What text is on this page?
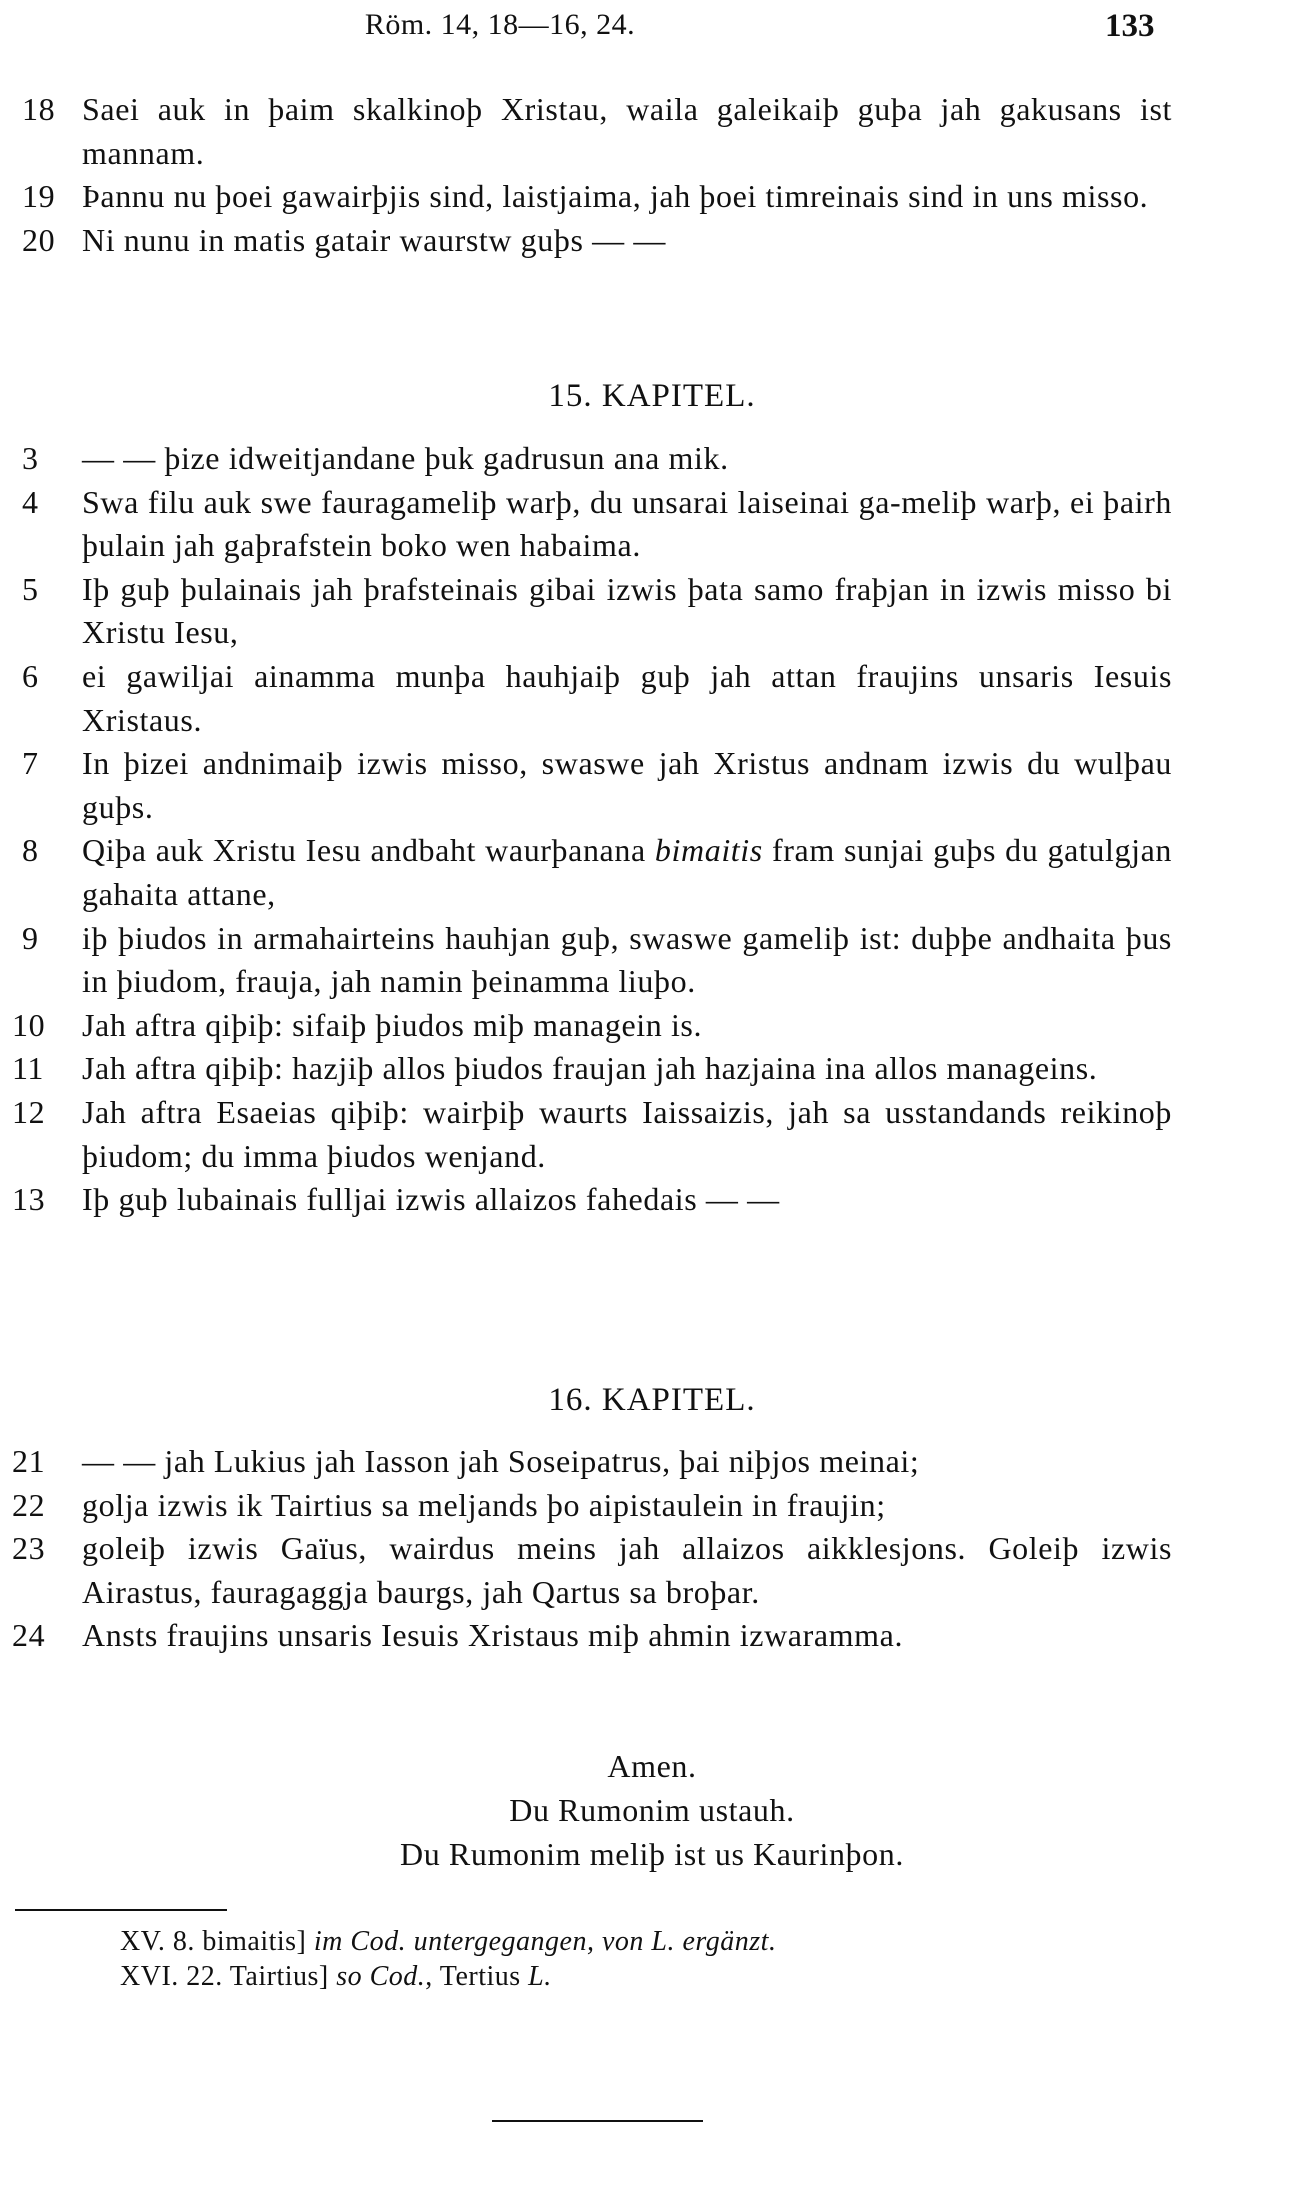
Röm. 14, 18—16, 24.	133
18 Saei auk in þaim skalkinoþ Xristau, waila galeikaiþ guþa jah gakusans ist mannam.
19 Þannu nu þoei gawairþjis sind, laistjaima, jah þoei timreinais sind in uns misso.
20 Ni nunu in matis gatair waurstw guþs — —
15. KAPITEL.
3	— — þize idweitjandane þuk gadrusun ana mik.
4	Swa filu auk swe fauragameliþ warþ, du unsarai laiseinai ga-meliþ warþ, ei þairh þulain jah gaþrafstein boko wen habaima.
5	Iþ guþ þulainais jah þrafsteinais gibai izwis þata samo fraþjan in izwis misso bi Xristu Iesu,
6	ei gawiljai ainamma munþa hauhjaiþ guþ jah attan fraujins unsaris Iesuis Xristaus.
7	In þizei andnimaiþ izwis misso, swaswe jah Xristus andnam izwis du wulþau guþs.
8	Qiþa auk Xristu Iesu andbaht waurþanana bimaitis fram sunjai guþs du gatulgjan gahaita attane,
9	iþ þiudos in armahairteins hauhjan guþ, swaswe gameliþ ist: duþþe andhaita þus in þiudom, frauja, jah namin þeinamma liuþo.
10	Jah aftra qiþiþ: sifaiþ þiudos miþ managein is.
11	Jah aftra qiþiþ: hazjiþ allos þiudos fraujan jah hazjaina ina allos manageins.
12	Jah aftra Esaeias qiþiþ: wairþiþ waurts Iaissaizis, jah sa usstandands reikinoþ þiudom; du imma þiudos wenjand.
13	Iþ guþ lubainais fulljai izwis allaizos fahedais — —
16. KAPITEL.
21	— — jah Lukius jah Iasson jah Soseipatrus, þai niþjos meinai;
22	golja izwis ik Tairtius sa meljands þo aipistaulein in fraujin;
23	goleiþ izwis Gaïus, wairdus meins jah allaizos aikklesjons. Goleiþ izwis Airastus, fauragaggja baurgs, jah Qartus sa broþar.
24	Ansts fraujins unsaris Iesuis Xristaus miþ ahmin izwaramma.
Amen.
Du Rumonim ustauh.
Du Rumonim meliþ ist us Kaurinþon.
XV. 8. bimaitis] im Cod. untergegangen, von L. ergänzt.
XVI. 22. Tairtius] so Cod., Tertius L.
